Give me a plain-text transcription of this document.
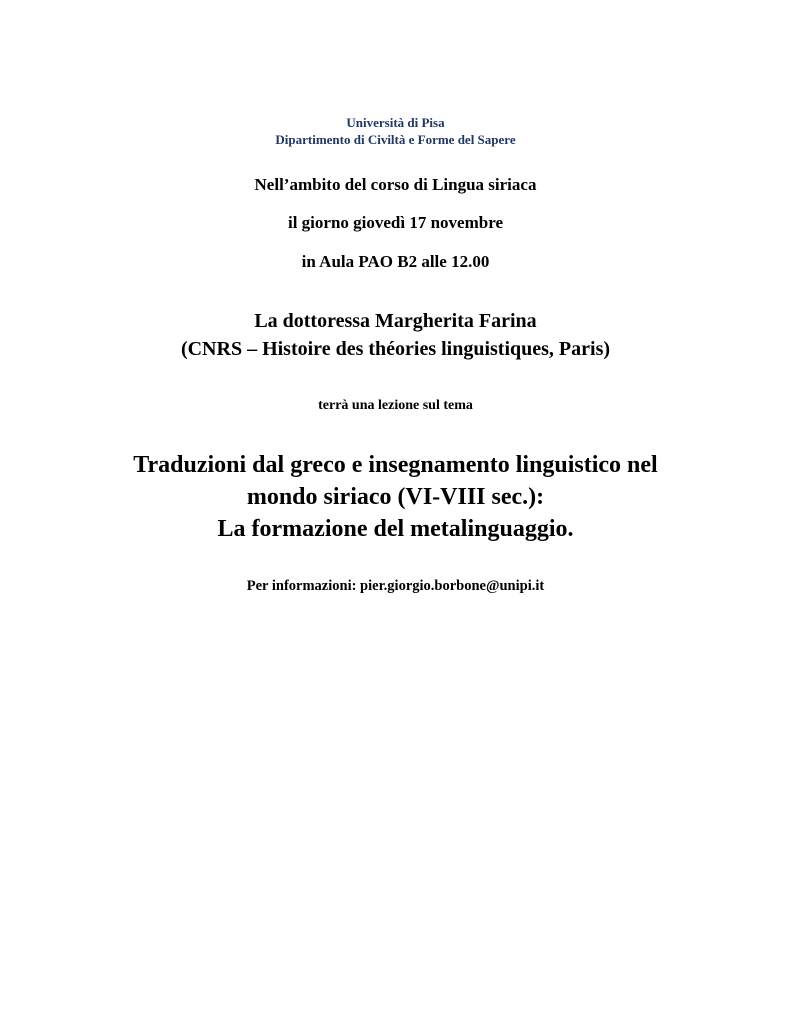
Università di Pisa

Dipartimento di Civiltà e Forme del Sapere

Nell’ambito del corso di Lingua siriaca

il giorno giovedì 17 novembre

in Aula PAO B2 alle 12.00

La dottoressa Margherita Farina

(CNRS – Histoire des théories linguistiques, Paris)

terrà una lezione sul tema

Traduzioni dal greco e insegnamento linguistico nel

mondo siriaco (VI-VIII sec.):

La formazione del metalinguaggio.

Per informazioni: pier.giorgio.borbone@unipi.it
